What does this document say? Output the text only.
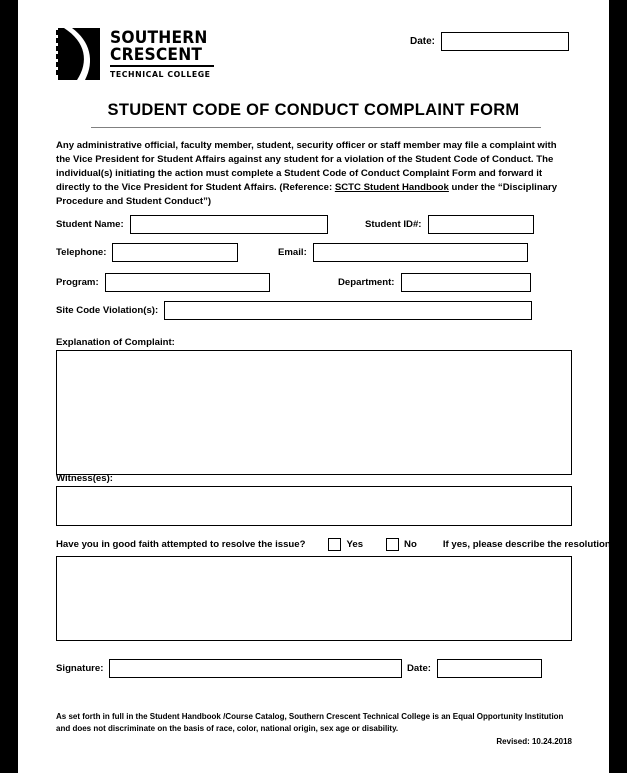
SOUTHERN
CRESCENT
TECHNICAL COLLEGE
Date:
STUDENT CODE OF CONDUCT COMPLAINT FORM
Any administrative official, faculty member, student, security officer or staff member may file a complaint with the Vice President for Student Affairs against any student for a violation of the Student Code of Conduct. The individual(s) initiating the action must complete a Student Code of Conduct Complaint Form and forward it directly to the Vice President for Student Affairs. (Reference: SCTC Student Handbook under the “Disciplinary Procedure and Student Conduct”)
Student Name:	Student ID#:
Telephone:	Email:
Program:	Department:
Site Code Violation(s):
Explanation of Complaint:
Witness(es):
Have you in good faith attempted to resolve the issue?	Yes	No	If yes, please describe the resolution:
Signature:	Date:
As set forth in full in the Student Handbook /Course Catalog, Southern Crescent Technical College is an Equal Opportunity Institution and does not discriminate on the basis of race, color, national origin, sex age or disability.
Revised: 10.24.2018
